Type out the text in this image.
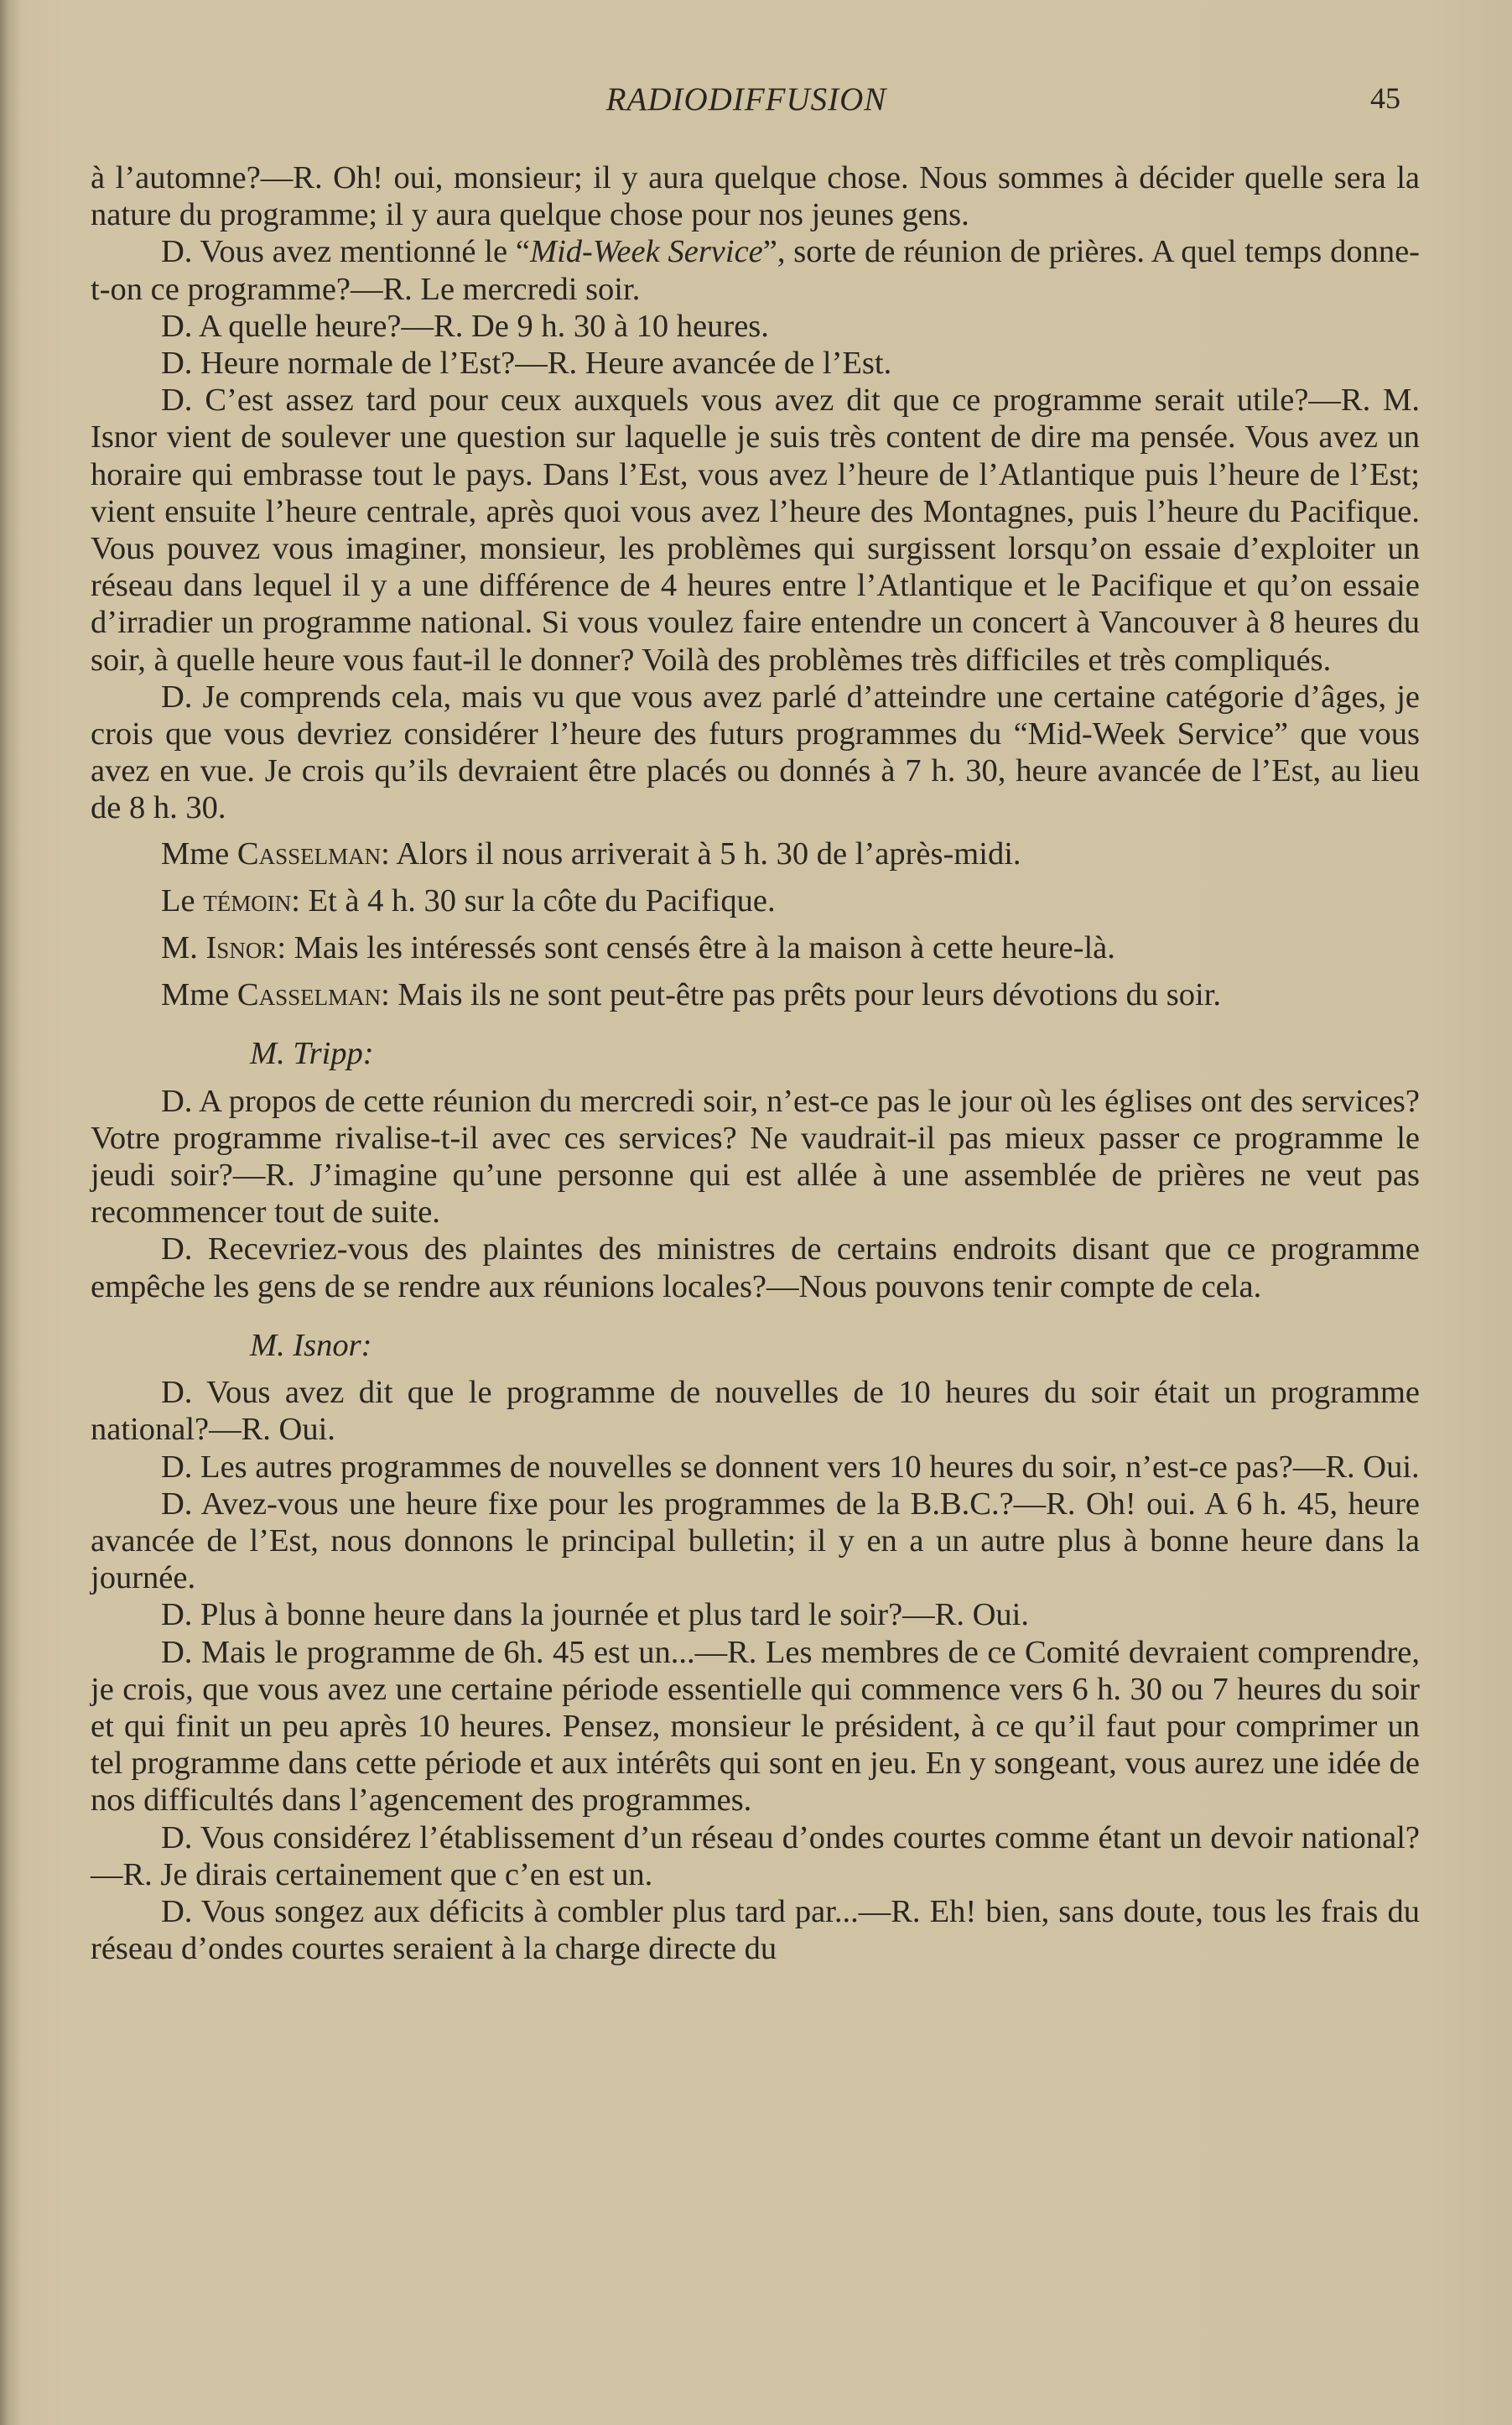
RADIODIFFUSION	45

à l’automne?—R. Oh! oui, monsieur; il y aura quelque chose. Nous sommes à décider quelle sera la nature du programme; il y aura quelque chose pour nos jeunes gens.

D. Vous avez mentionné le “Mid-Week Service”, sorte de réunion de prières. A quel temps donne-t-on ce programme?—R. Le mercredi soir.

D. A quelle heure?—R. De 9 h. 30 à 10 heures.

D. Heure normale de l’Est?—R. Heure avancée de l’Est.

D. C’est assez tard pour ceux auxquels vous avez dit que ce programme serait utile?—R. M. Isnor vient de soulever une question sur laquelle je suis très content de dire ma pensée. Vous avez un horaire qui embrasse tout le pays. Dans l’Est, vous avez l’heure de l’Atlantique puis l’heure de l’Est; vient ensuite l’heure centrale, après quoi vous avez l’heure des Montagnes, puis l’heure du Pacifique. Vous pouvez vous imaginer, monsieur, les problèmes qui surgissent lorsqu’on essaie d’exploiter un réseau dans lequel il y a une différence de 4 heures entre l’Atlantique et le Pacifique et qu’on essaie d’irradier un programme national. Si vous voulez faire entendre un concert à Vancouver à 8 heures du soir, à quelle heure vous faut-il le donner? Voilà des problèmes très difficiles et très compliqués.

D. Je comprends cela, mais vu que vous avez parlé d’atteindre une certaine catégorie d’âges, je crois que vous devriez considérer l’heure des futurs programmes du “Mid-Week Service” que vous avez en vue. Je crois qu’ils devraient être placés ou donnés à 7 h. 30, heure avancée de l’Est, au lieu de 8 h. 30.

Mme Casselman: Alors il nous arriverait à 5 h. 30 de l’après-midi.

Le témoin: Et à 4 h. 30 sur la côte du Pacifique.

M. Isnor: Mais les intéressés sont censés être à la maison à cette heure-là.

Mme Casselman: Mais ils ne sont peut-être pas prêts pour leurs dévotions du soir.

M. Tripp:

D. A propos de cette réunion du mercredi soir, n’est-ce pas le jour où les églises ont des services? Votre programme rivalise-t-il avec ces services? Ne vaudrait-il pas mieux passer ce programme le jeudi soir?—R. J’imagine qu’une personne qui est allée à une assemblée de prières ne veut pas recommencer tout de suite.

D. Recevriez-vous des plaintes des ministres de certains endroits disant que ce programme empêche les gens de se rendre aux réunions locales?—Nous pouvons tenir compte de cela.

M. Isnor:

D. Vous avez dit que le programme de nouvelles de 10 heures du soir était un programme national?—R. Oui.

D. Les autres programmes de nouvelles se donnent vers 10 heures du soir, n’est-ce pas?—R. Oui.

D. Avez-vous une heure fixe pour les programmes de la B.B.C.?—R. Oh! oui. A 6 h. 45, heure avancée de l’Est, nous donnons le principal bulletin; il y en a un autre plus à bonne heure dans la journée.

D. Plus à bonne heure dans la journée et plus tard le soir?—R. Oui.

D. Mais le programme de 6h. 45 est un...—R. Les membres de ce Comité devraient comprendre, je crois, que vous avez une certaine période essentielle qui commence vers 6 h. 30 ou 7 heures du soir et qui finit un peu après 10 heures. Pensez, monsieur le président, à ce qu’il faut pour comprimer un tel programme dans cette période et aux intérêts qui sont en jeu. En y songeant, vous aurez une idée de nos difficultés dans l’agencement des programmes.

D. Vous considérez l’établissement d’un réseau d’ondes courtes comme étant un devoir national?—R. Je dirais certainement que c’en est un.

D. Vous songez aux déficits à combler plus tard par...—R. Eh! bien, sans doute, tous les frais du réseau d’ondes courtes seraient à la charge directe du
